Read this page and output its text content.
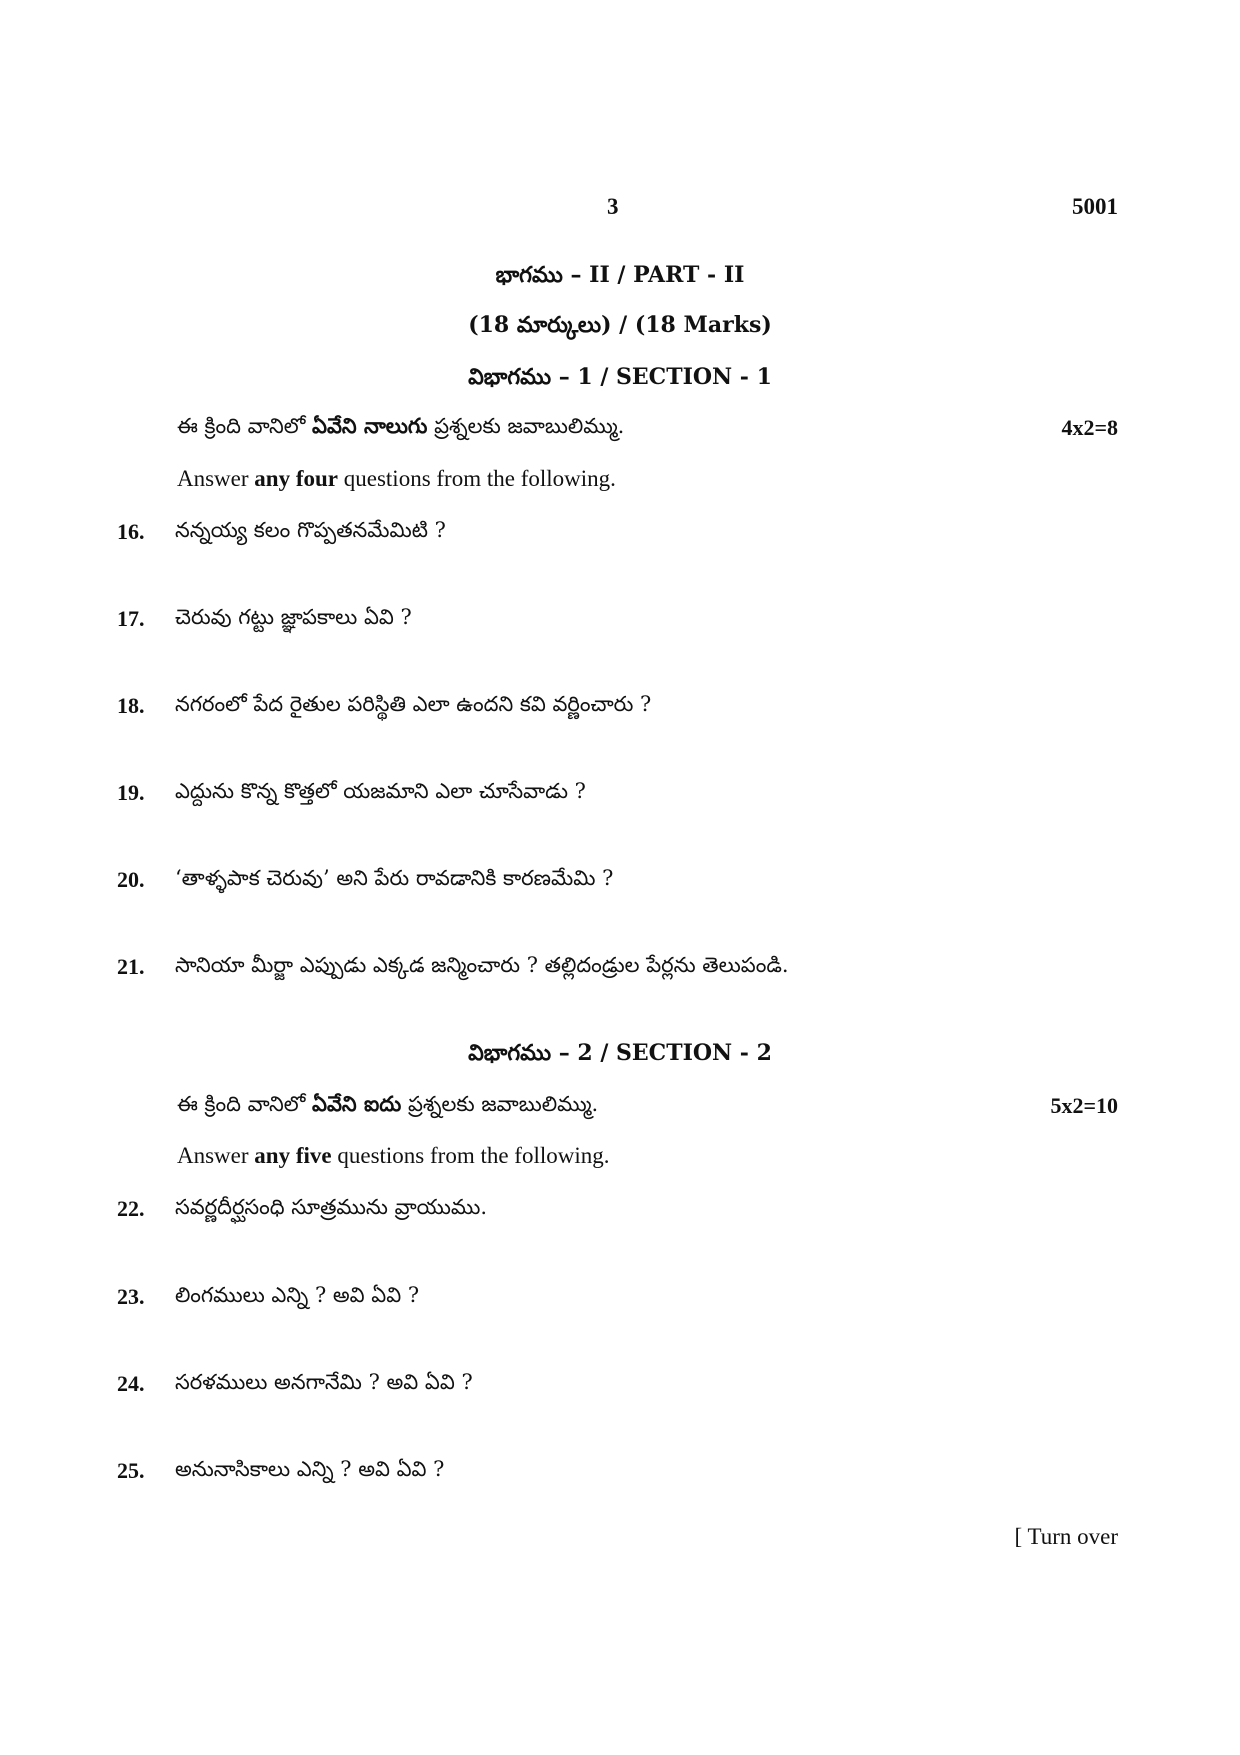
3	5001
భాగము – II / PART - II
(18 మార్కులు) / (18 Marks)
విభాగము – 1 / SECTION - 1
ఈ క్రింది వానిలో ఏవేని నాలుగు ప్రశ్నలకు జవాబులిమ్ము.	4x2=8
Answer any four questions from the following.
16. నన్నయ్య కలం గొప్పతనమేమిటి ?
17. చెరువు గట్టు జ్ఞాపకాలు ఏవి ?
18. నగరంలో పేద రైతుల పరిస్థితి ఎలా ఉందని కవి వర్ణించారు ?
19. ఎద్దును కొన్న కొత్తలో యజమాని ఎలా చూసేవాడు ?
20. ‘తాళ్ళపాక చెరువు’ అని పేరు రావడానికి కారణమేమి ?
21. సానియా మీర్జా ఎప్పుడు ఎక్కడ జన్మించారు ? తల్లిదండ్రుల పేర్లను తెలుపండి.
విభాగము – 2 / SECTION - 2
ఈ క్రింది వానిలో ఏవేని ఐదు ప్రశ్నలకు జవాబులిమ్ము.	5x2=10
Answer any five questions from the following.
22. సవర్ణదీర్ఘసంధి సూత్రమును వ్రాయుము.
23. లింగములు ఎన్ని ? అవి ఏవి ?
24. సరళములు అనగానేమి ? అవి ఏవి ?
25. అనునాసికాలు ఎన్ని ? అవి ఏవి ?
[ Turn over
